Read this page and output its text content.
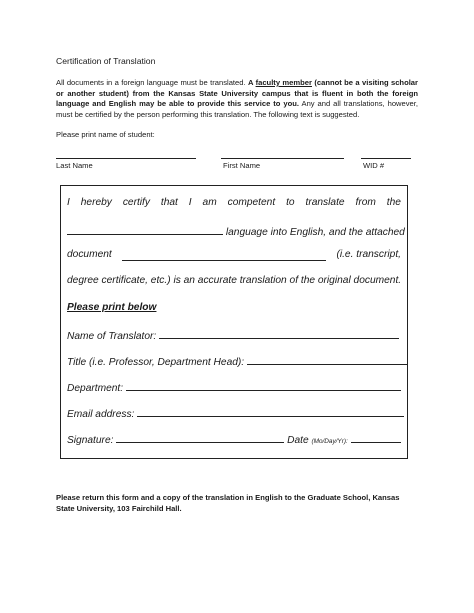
Certification of Translation
All documents in a foreign language must be translated. A faculty member (cannot be a visiting scholar or another student) from the Kansas State University campus that is fluent in both the foreign language and English may be able to provide this service to you. Any and all translations, however, must be certified by the person performing this translation. The following text is suggested.
Please print name of student:
Last Name	First Name	WID #
I hereby certify that I am competent to translate from the
language into English, and the attached
document	(i.e. transcript,
degree certificate, etc.) is an accurate translation of the original document.
Please print below
Name of Translator:
Title (i.e. Professor, Department Head):
Department:
Email address:
Signature:	Date (Mo/Day/Yr):
Please return this form and a copy of the translation in English to the Graduate School, Kansas State University, 103 Fairchild Hall.
